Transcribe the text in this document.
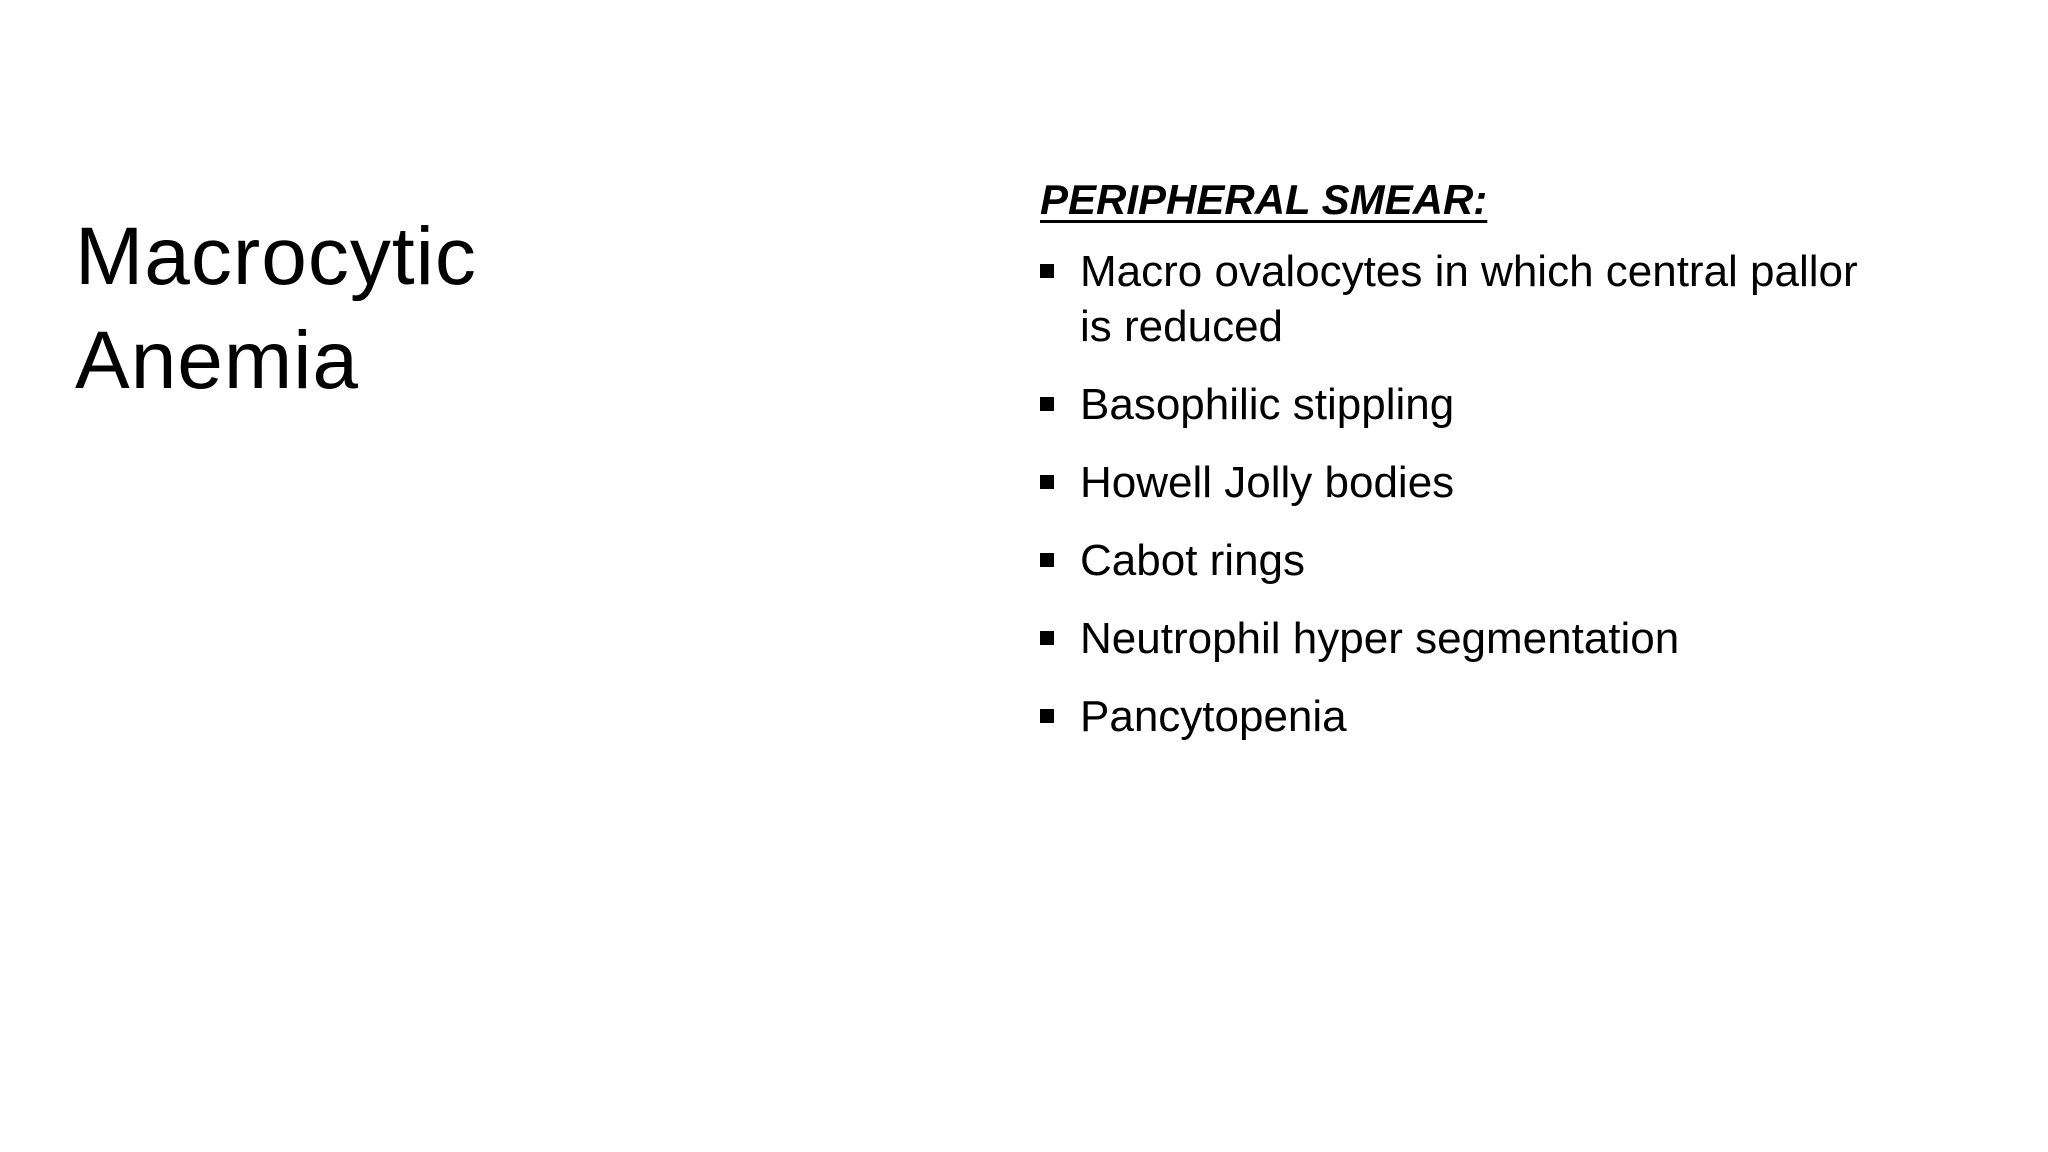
Macrocytic
Anemia
PERIPHERAL SMEAR:
Macro ovalocytes in which central pallor is reduced
Basophilic stippling
Howell Jolly bodies
Cabot rings
Neutrophil hyper segmentation
Pancytopenia
